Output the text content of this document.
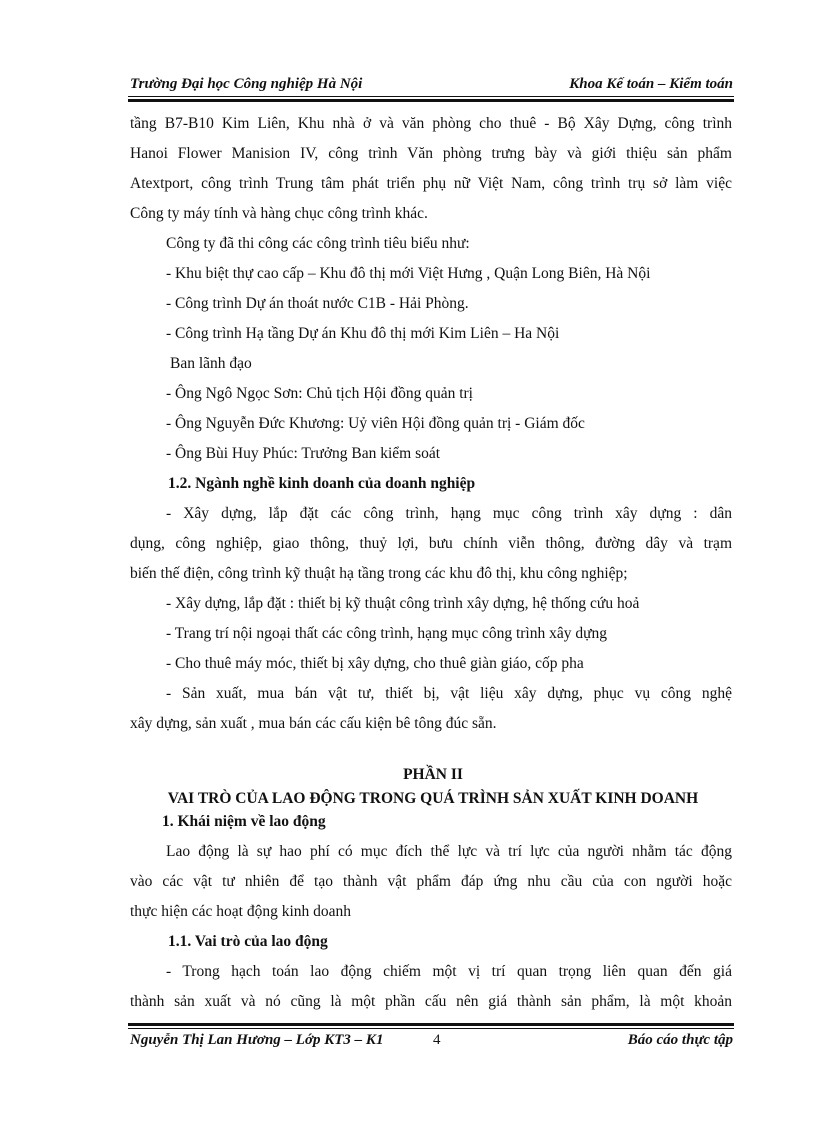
Trường Đại học Công nghiệp Hà Nội	Khoa Kế toán – Kiểm toán
tầng B7-B10 Kim Liên, Khu nhà ở và văn phòng cho thuê - Bộ Xây Dựng, công trình
Hanoi Flower Manision IV, công trình Văn phòng trưng bày và giới thiệu sản phẩm
Atextport, công trình Trung tâm phát triển phụ nữ Việt Nam, công trình trụ sở làm việc
Công ty máy tính và hàng chục công trình khác.
Công ty đã thi công các công trình tiêu biểu như:
- Khu biệt thự cao cấp – Khu đô thị mới Việt Hưng , Quận Long Biên, Hà Nội
- Công trình Dự án thoát nước C1B - Hải Phòng.
- Công trình Hạ tầng Dự án Khu đô thị mới Kim Liên – Ha Nội
Ban lãnh đạo
- Ông Ngô Ngọc Sơn: Chủ tịch Hội đồng quản trị
- Ông Nguyễn Đức Khương: Uỷ viên Hội đồng quản trị - Giám đốc
- Ông Bùi Huy Phúc: Trưởng Ban kiểm soát
1.2. Ngành nghề kinh doanh của doanh nghiệp
- Xây dựng, lắp đặt các công trình, hạng mục công trình xây dựng : dân
dụng, công nghiệp, giao thông, thuỷ lợi, bưu chính viễn thông, đường dây và trạm
biến thế điện, công trình kỹ thuật hạ tầng trong các khu đô thị, khu công nghiệp;
- Xây dựng, lắp đặt : thiết bị kỹ thuật công trình xây dựng, hệ thống cứu hoả
- Trang trí nội ngoại thất các công trình, hạng mục công trình xây dựng
- Cho thuê máy móc, thiết bị xây dựng, cho thuê giàn giáo, cốp pha
- Sản xuất, mua bán vật tư, thiết bị, vật liệu xây dựng, phục vụ công nghệ
xây dựng, sản xuất , mua bán các cấu kiện bê tông đúc sẵn.
PHẦN II
VAI TRÒ CỦA LAO ĐỘNG TRONG QUÁ TRÌNH SẢN XUẤT KINH DOANH
1. Khái niệm về lao động
Lao động là sự hao phí có mục đích thể lực và trí lực của người nhằm tác động
vào các vật tư nhiên để tạo thành vật phẩm đáp ứng nhu cầu của con người hoặc
thực hiện các hoạt động kinh doanh
1.1. Vai trò của lao động
- Trong hạch toán lao động chiếm một vị trí quan trọng liên quan đến giá
thành sản xuất và nó cũng là một phần cấu nên giá thành sản phẩm, là một khoản
Nguyễn Thị Lan Hương – Lớp KT3 – K1	4	Báo cáo thực tập
